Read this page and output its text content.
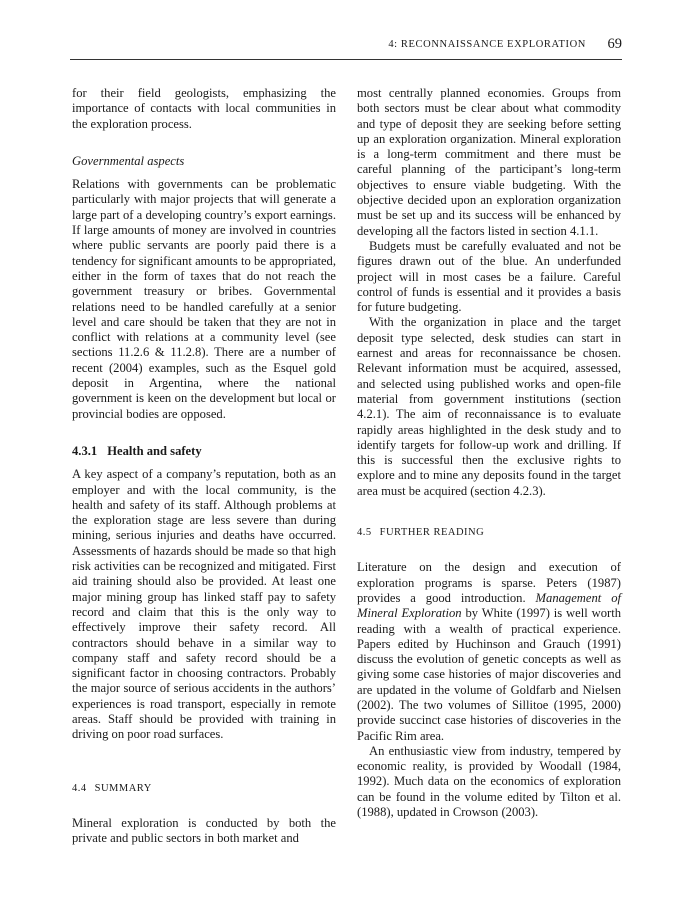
4: RECONNAISSANCE EXPLORATION 69

for their field geologists, emphasizing the importance of contacts with local communities in the exploration process.

Governmental aspects

Relations with governments can be problematic particularly with major projects that will generate a large part of a developing country’s export earnings. If large amounts of money are involved in countries where public servants are poorly paid there is a tendency for significant amounts to be appropriated, either in the form of taxes that do not reach the government treasury or bribes. Governmental relations need to be handled carefully at a senior level and care should be taken that they are not in conflict with relations at a community level (see sections 11.2.6 & 11.2.8). There are a number of recent (2004) examples, such as the Esquel gold deposit in Argentina, where the national government is keen on the development but local or provincial bodies are opposed.

4.3.1 Health and safety

A key aspect of a company’s reputation, both as an employer and with the local community, is the health and safety of its staff. Although problems at the exploration stage are less severe than during mining, serious injuries and deaths have occurred. Assessments of hazards should be made so that high risk activities can be recognized and mitigated. First aid training should also be provided. At least one major mining group has linked staff pay to safety record and claim that this is the only way to effectively improve their safety record. All contractors should behave in a similar way to company staff and safety record should be a significant factor in choosing contractors. Probably the major source of serious accidents in the authors’ experiences is road transport, especially in remote areas. Staff should be provided with training in driving on poor road surfaces.

4.4 SUMMARY

Mineral exploration is conducted by both the private and public sectors in both market and

most centrally planned economies. Groups from both sectors must be clear about what commodity and type of deposit they are seeking before setting up an exploration organization. Mineral exploration is a long-term commitment and there must be careful planning of the participant’s long-term objectives to ensure viable budgeting. With the objective decided upon an exploration organization must be set up and its success will be enhanced by developing all the factors listed in section 4.1.1.

Budgets must be carefully evaluated and not be figures drawn out of the blue. An underfunded project will in most cases be a failure. Careful control of funds is essential and it provides a basis for future budgeting.

With the organization in place and the target deposit type selected, desk studies can start in earnest and areas for reconnaissance be chosen. Relevant information must be acquired, assessed, and selected using published works and open-file material from government institutions (section 4.2.1). The aim of reconnaissance is to evaluate rapidly areas highlighted in the desk study and to identify targets for follow-up work and drilling. If this is successful then the exclusive rights to explore and to mine any deposits found in the target area must be acquired (section 4.2.3).

4.5 FURTHER READING

Literature on the design and execution of exploration programs is sparse. Peters (1987) provides a good introduction. Management of Mineral Exploration by White (1997) is well worth reading with a wealth of practical experience. Papers edited by Huchinson and Grauch (1991) discuss the evolution of genetic concepts as well as giving some case histories of major discoveries and are updated in the volume of Goldfarb and Nielsen (2002). The two volumes of Sillitoe (1995, 2000) provide succinct case histories of discoveries in the Pacific Rim area.

An enthusiastic view from industry, tempered by economic reality, is provided by Woodall (1984, 1992). Much data on the economics of exploration can be found in the volume edited by Tilton et al. (1988), updated in Crowson (2003).
